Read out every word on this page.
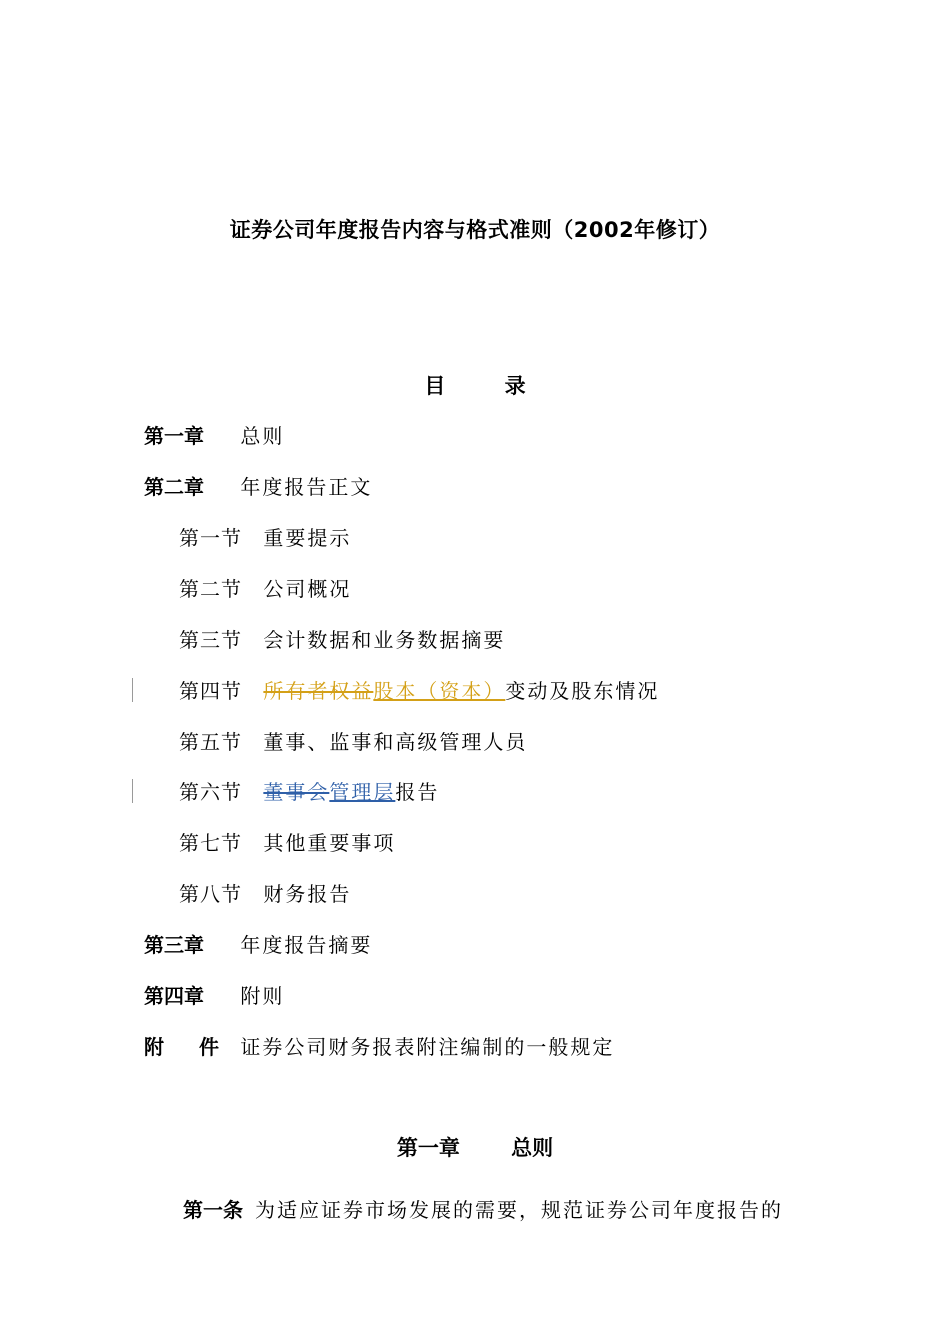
证券公司年度报告内容与格式准则（2002年修订）
目	录
第一章 总则
第二章 年度报告正文
第一节 重要提示
第二节 公司概况
第三节 会计数据和业务数据摘要
第四节 所有者权益股本（资本）变动及股东情况
第五节 董事、监事和高级管理人员
第六节 董事会管理层报告
第七节 其他重要事项
第八节 财务报告
第三章 年度报告摘要
第四章 附则
附 件 证券公司财务报表附注编制的一般规定
第一章 总则
第一条 为适应证券市场发展的需要，规范证券公司年度报告的
